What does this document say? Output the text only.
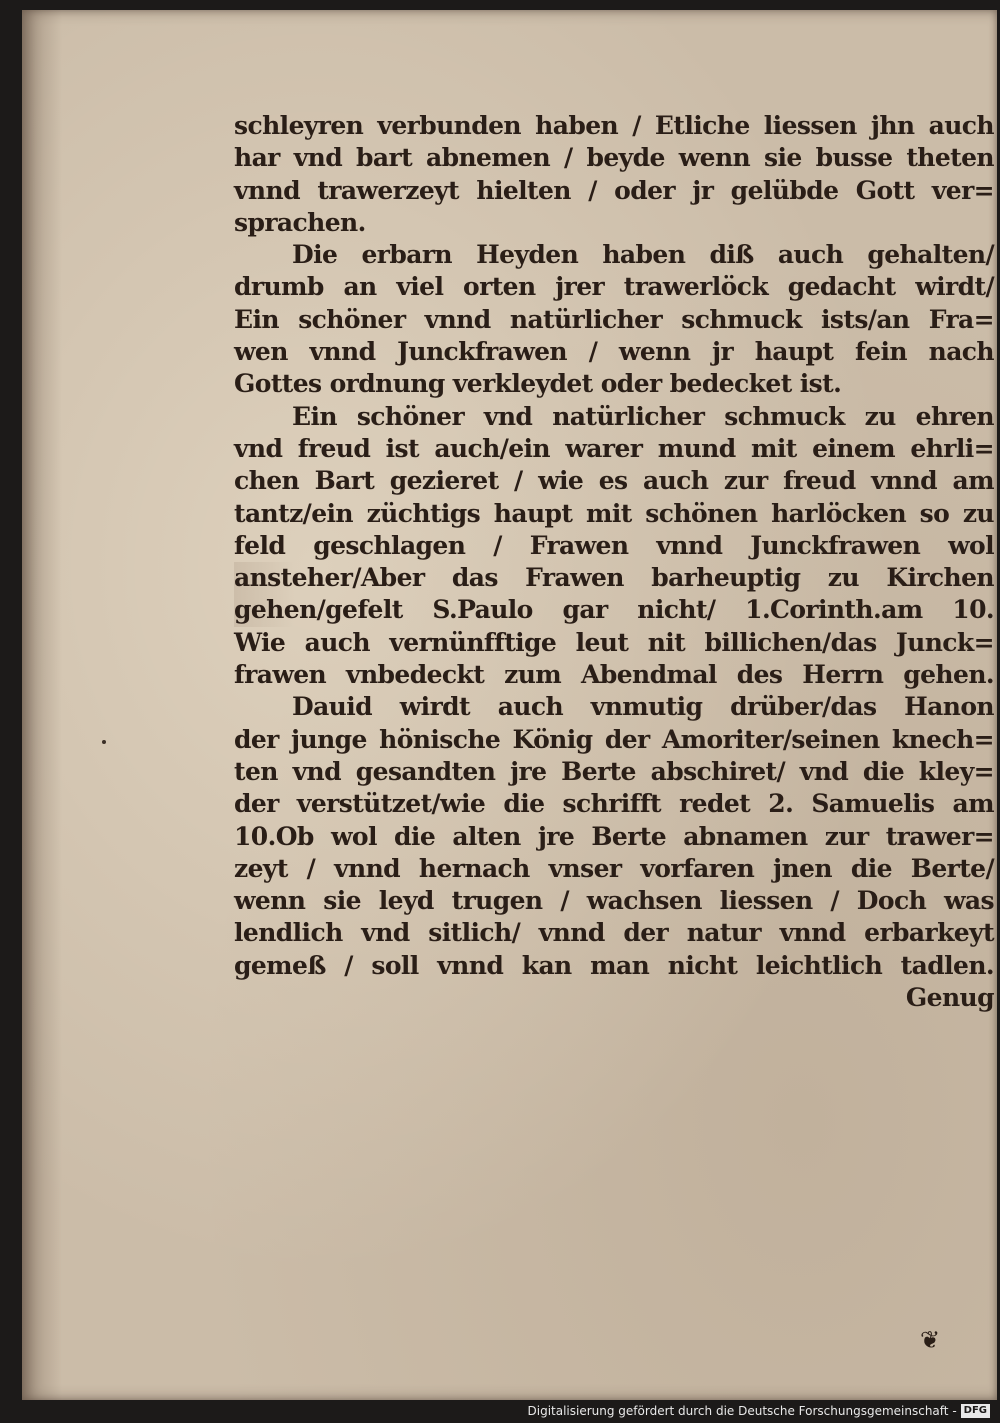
schleyren verbunden haben / Etliche liessen jhn auch
har vnd bart abnemen / beyde wenn sie busse theten
vnnd trawerzeyt hielten / oder jr gelübde Gott ver=
sprachen.
Die erbarn Heyden haben diß auch gehalten/
drumb an viel orten jrer trawerlöck gedacht wirdt/
Ein schöner vnnd natürlicher schmuck ists/an Fra=
wen vnnd Junckfrawen / wenn jr haupt fein nach
Gottes ordnung verkleydet oder bedecket ist.
Ein schöner vnd natürlicher schmuck zu ehren
vnd freud ist auch/ein warer mund mit einem ehrli=
chen Bart gezieret / wie es auch zur freud vnnd am
tantz/ein züchtigs haupt mit schönen harlöcken so zu
feld geschlagen / Frawen vnnd Junckfrawen wol
ansteher/Aber das Frawen barheuptig zu Kirchen
gehen/gefelt S.Paulo gar nicht/ 1.Corinth.am 10.
Wie auch vernünfftige leut nit billichen/das Junck=
frawen vnbedeckt zum Abendmal des Herrn gehen.
Dauid wirdt auch vnmutig drüber/das Hanon
der junge hönische König der Amoriter/seinen knech=
ten vnd gesandten jre Berte abschiret/ vnd die kley=
der verstützet/wie die schrifft redet 2. Samuelis am
10.Ob wol die alten jre Berte abnamen zur trawer=
zeyt / vnnd hernach vnser vorfaren jnen die Berte/
wenn sie leyd trugen / wachsen liessen / Doch was
lendlich vnd sitlich/ vnnd der natur vnnd erbarkeyt
gemeß / soll vnnd kan man nicht leichtlich tadlen.
Genug
❦
Digitalisierung gefördert durch die Deutsche Forschungsgemeinschaft - DFG
